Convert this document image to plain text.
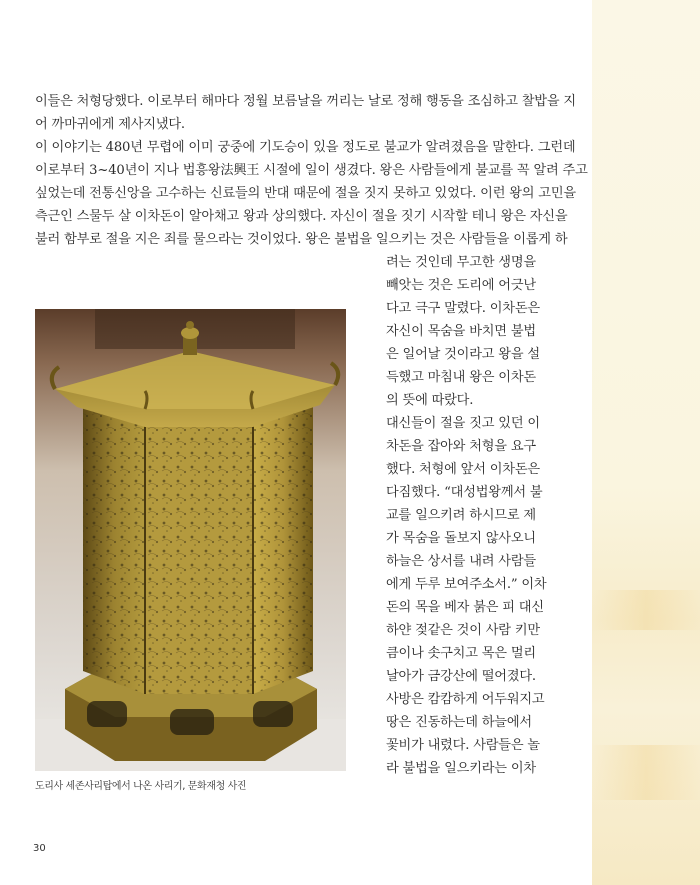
이들은 처형당했다. 이로부터 해마다 정월 보름날을 꺼리는 날로 정해 행동을 조심하고 찰밥을 지
어 까마귀에게 제사지냈다.
이 이야기는 480년 무렵에 이미 궁중에 기도승이 있을 정도로 불교가 알려졌음을 말한다. 그런데
이로부터 3~40년이 지나 법흥왕法興王 시절에 일이 생겼다. 왕은 사람들에게 불교를 꼭 알려 주고
싶었는데 전통신앙을 고수하는 신료들의 반대 때문에 절을 짓지 못하고 있었다. 이런 왕의 고민을
측근인 스물두 살 이차돈이 알아채고 왕과 상의했다. 자신이 절을 짓기 시작할 테니 왕은 자신을
불러 함부로 절을 지은 죄를 물으라는 것이었다. 왕은 불법을 일으키는 것은 사람들을 이롭게 하
려는 것인데 무고한 생명을
빼앗는 것은 도리에 어긋난
다고 극구 말렸다. 이차돈은
자신이 목숨을 바치면 불법
은 일어날 것이라고 왕을 설
득했고 마침내 왕은 이차돈
의 뜻에 따랐다.
대신들이 절을 짓고 있던 이
차돈을 잡아와 처형을 요구
했다. 처형에 앞서 이차돈은
다짐했다. “대성법왕께서 불
교를 일으키려 하시므로 제
가 목숨을 돌보지 않사오니
하늘은 상서를 내려 사람들
에게 두루 보여주소서.” 이차
돈의 목을 베자 붉은 피 대신
하얀 젖같은 것이 사람 키만
큼이나 솟구치고 목은 멀리
날아가 금강산에 떨어졌다.
사방은 캄캄하게 어두워지고
땅은 진동하는데 하늘에서
꽃비가 내렸다. 사람들은 놀
라 불법을 일으키라는 이차
도리사 세존사리탑에서 나온 사리기, 문화재청 사진
30
